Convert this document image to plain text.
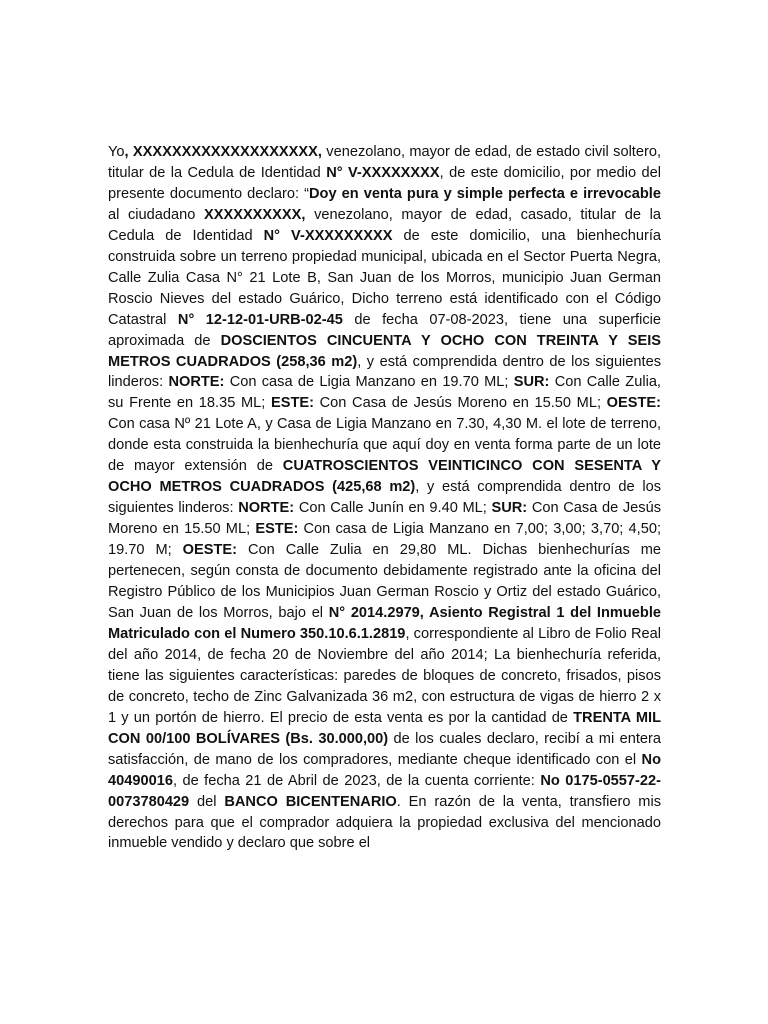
Yo, XXXXXXXXXXXXXXXXXXX, venezolano, mayor de edad, de estado civil soltero, titular de la Cedula de Identidad N° V-XXXXXXXX, de este domicilio, por medio del presente documento declaro: “Doy en venta pura y simple perfecta e irrevocable al ciudadano XXXXXXXXXX, venezolano, mayor de edad, casado, titular de la Cedula de Identidad N° V-XXXXXXXXX de este domicilio, una bienhechuría construida sobre un terreno propiedad municipal, ubicada en el Sector Puerta Negra, Calle Zulia Casa N° 21 Lote B, San Juan de los Morros, municipio Juan German Roscio Nieves del estado Guárico, Dicho terreno está identificado con el Código Catastral N° 12-12-01-URB-02-45 de fecha 07-08-2023, tiene una superficie aproximada de DOSCIENTOS CINCUENTA Y OCHO CON TREINTA Y SEIS METROS CUADRADOS (258,36 m2), y está comprendida dentro de los siguientes linderos: NORTE: Con casa de Ligia Manzano en 19.70 ML; SUR: Con Calle Zulia, su Frente en 18.35 ML; ESTE: Con Casa de Jesús Moreno en 15.50 ML; OESTE: Con casa Nº 21 Lote A, y Casa de Ligia Manzano en 7.30, 4,30 M. el lote de terreno, donde esta construida la bienhechuría que aquí doy en venta forma parte de un lote de mayor extensión de CUATROSCIENTOS VEINTICINCO CON SESENTA Y OCHO METROS CUADRADOS (425,68 m2), y está comprendida dentro de los siguientes linderos: NORTE: Con Calle Junín en 9.40 ML; SUR: Con Casa de Jesús Moreno en 15.50 ML; ESTE: Con casa de Ligia Manzano en 7,00; 3,00; 3,70; 4,50; 19.70 M; OESTE: Con Calle Zulia en 29,80 ML. Dichas bienhechurías me pertenecen, según consta de documento debidamente registrado ante la oficina del Registro Público de los Municipios Juan German Roscio y Ortiz del estado Guárico, San Juan de los Morros, bajo el N° 2014.2979, Asiento Registral 1 del Inmueble Matriculado con el Numero 350.10.6.1.2819, correspondiente al Libro de Folio Real del año 2014, de fecha 20 de Noviembre del año 2014; La bienhechuría referida, tiene las siguientes características: paredes de bloques de concreto, frisados, pisos de concreto, techo de Zinc Galvanizada 36 m2, con estructura de vigas de hierro 2 x 1 y un portón de hierro. El precio de esta venta es por la cantidad de TRENTA MIL CON 00/100 BOLÍVARES (Bs. 30.000,00) de los cuales declaro, recibí a mi entera satisfacción, de mano de los compradores, mediante cheque identificado con el No 40490016, de fecha 21 de Abril de 2023, de la cuenta corriente: No 0175-0557-22-0073780429 del BANCO BICENTENARIO. En razón de la venta, transfiero mis derechos para que el comprador adquiera la propiedad exclusiva del mencionado inmueble vendido y declaro que sobre el
